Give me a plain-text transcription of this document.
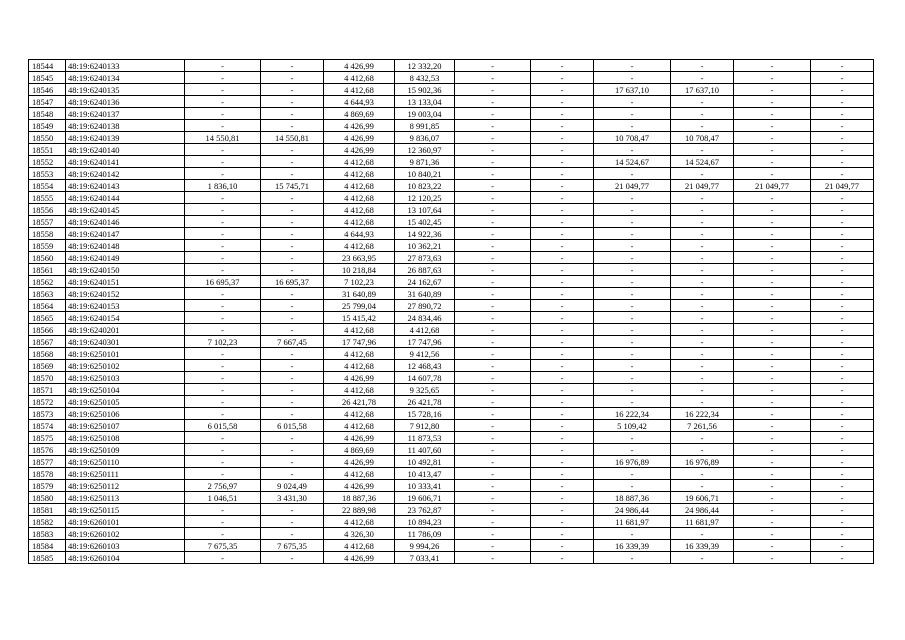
18544	48:19:6240133	-	-	4 426,99	12 332,20	-	-	-	-	-	-
18545	48:19:6240134	-	-	4 412,68	8 432,53	-	-	-	-	-	-
18546	48:19:6240135	-	-	4 412,68	15 902,36	-	-	17 637,10	17 637,10	-	-
18547	48:19:6240136	-	-	4 644,93	13 133,04	-	-	-	-	-	-
18548	48:19:6240137	-	-	4 869,69	19 003,04	-	-	-	-	-	-
18549	48:19:6240138	-	-	4 426,99	8 991,85	-	-	-	-	-	-
18550	48:19:6240139	14 550,81	14 550,81	4 426,99	9 836,07	-	-	10 708,47	10 708,47	-	-
18551	48:19:6240140	-	-	4 426,99	12 360,97	-	-	-	-	-	-
18552	48:19:6240141	-	-	4 412,68	9 871,36	-	-	14 524,67	14 524,67	-	-
18553	48:19:6240142	-	-	4 412,68	10 840,21	-	-	-	-	-	-
18554	48:19:6240143	1 836,10	15 745,71	4 412,68	10 823,22	-	-	21 049,77	21 049,77	21 049,77	21 049,77
18555	48:19:6240144	-	-	4 412,68	12 120,25	-	-	-	-	-	-
18556	48:19:6240145	-	-	4 412,68	13 107,64	-	-	-	-	-	-
18557	48:19:6240146	-	-	4 412,68	15 402,45	-	-	-	-	-	-
18558	48:19:6240147	-	-	4 644,93	14 922,36	-	-	-	-	-	-
18559	48:19:6240148	-	-	4 412,68	10 362,21	-	-	-	-	-	-
18560	48:19:6240149	-	-	23 663,95	27 873,63	-	-	-	-	-	-
18561	48:19:6240150	-	-	10 218,84	26 887,63	-	-	-	-	-	-
18562	48:19:6240151	16 695,37	16 695,37	7 102,23	24 162,67	-	-	-	-	-	-
18563	48:19:6240152	-	-	31 640,89	31 640,89	-	-	-	-	-	-
18564	48:19:6240153	-	-	25 799,04	27 890,72	-	-	-	-	-	-
18565	48:19:6240154	-	-	15 415,42	24 834,46	-	-	-	-	-	-
18566	48:19:6240201	-	-	4 412,68	4 412,68	-	-	-	-	-	-
18567	48:19:6240301	7 102,23	7 667,45	17 747,96	17 747,96	-	-	-	-	-	-
18568	48:19:6250101	-	-	4 412,68	9 412,56	-	-	-	-	-	-
18569	48:19:6250102	-	-	4 412,68	12 468,43	-	-	-	-	-	-
18570	48:19:6250103	-	-	4 426,99	14 607,78	-	-	-	-	-	-
18571	48:19:6250104	-	-	4 412,68	9 325,65	-	-	-	-	-	-
18572	48:19:6250105	-	-	26 421,78	26 421,78	-	-	-	-	-	-
18573	48:19:6250106	-	-	4 412,68	15 728,16	-	-	16 222,34	16 222,34	-	-
18574	48:19:6250107	6 015,58	6 015,58	4 412,68	7 912,80	-	-	5 109,42	7 261,56	-	-
18575	48:19:6250108	-	-	4 426,99	11 873,53	-	-	-	-	-	-
18576	48:19:6250109	-	-	4 869,69	11 407,60	-	-	-	-	-	-
18577	48:19:6250110	-	-	4 426,99	10 492,81	-	-	16 976,89	16 976,89	-	-
18578	48:19:6250111	-	-	4 412,68	10 413,47	-	-	-	-	-	-
18579	48:19:6250112	2 756,97	9 024,49	4 426,99	10 333,41	-	-	-	-	-	-
18580	48:19:6250113	1 046,51	3 431,30	18 887,36	19 606,71	-	-	18 887,36	19 606,71	-	-
18581	48:19:6250115	-	-	22 889,98	23 762,87	-	-	24 986,44	24 986,44	-	-
18582	48:19:6260101	-	-	4 412,68	10 894,23	-	-	11 681,97	11 681,97	-	-
18583	48:19:6260102	-	-	4 326,30	11 786,09	-	-	-	-	-	-
18584	48:19:6260103	7 675,35	7 675,35	4 412,68	9 994,26	-	-	16 339,39	16 339,39	-	-
18585	48:19:6260104	-	-	4 426,99	7 033,41	-	-	-	-	-	-
